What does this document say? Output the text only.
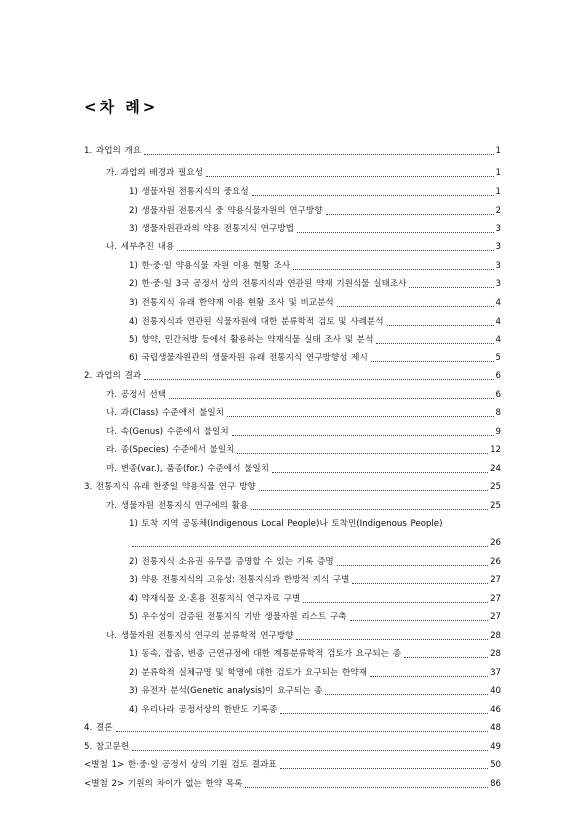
<차 례>
1. 과업의 개요	1
가. 과업의 배경과 필요성	1
1) 생물자원 전통지식의 중요성	1
2) 생물자원 전통지식 중 약용식물자원의 연구방향	2
3) 생물자원관과의 약용 전통지식 연구방법	3
나. 세부추진 내용	3
1) 한·중·일 약용식물 자원 이용 현황 조사	3
2) 한·중·일 3국 공정서 상의 전통지식과 연관된 약재 기원식물 실태조사	3
3) 전통지식 유래 한약재 이용 현황 조사 및 비교분석	4
4) 전통지식과 연관된 식물자원에 대한 분류학적 검토 및 사례분석	4
5) 향약, 민간처방 등에서 활용하는 약재식물 실태 조사 및 분석	4
6) 국립생물자원관의 생물자원 유래 전통지식 연구방향성 제시	5
2. 과업의 결과	6
가. 공정서 선택	6
나. 과(Class) 수준에서 불일치	8
다. 속(Genus) 수준에서 불일치	9
라. 종(Species) 수준에서 불일치	12
마. 변종(var.), 품종(for.) 수준에서 불일치	24
3. 전통지식 유래 한중일 약용식물 연구 방향	25
가. 생물자원 전통지식 연구에의 활용	25
1) 토착 지역 공동체(Indigenous Local People)나 토착민(Indigenous People)
26
2) 전통지식 소유권 유무를 증명할 수 있는 기록 증명	26
3) 약용 전통지식의 고유성: 전통지식과 한방적 지식 구별	27
4) 약재식물 오·혼용 전통지식 연구자료 구별	27
5) 우수성이 검증된 전통지식 기반 생물자원 리스트 구축	27
나. 생물자원 전통지식 연구의 분류학적 연구방향	28
1) 동속, 잡종, 변종 근연규정에 대한 계통분류학적 검토가 요구되는 종	28
2) 분류학적 실체규명 및 학명에 대한 검토가 요구되는 한약재	37
3) 유전자 분석(Genetic analysis)이 요구되는 종	40
4) 우리나라 공정서상의 한반도 기록종	46
4. 결론	48
5. 참고문헌	49
<별첨 1> 한·중·일 공정서 상의 기원 검토 결과표	50
<별첨 2> 기원의 차이가 없는 한약 목록	86
